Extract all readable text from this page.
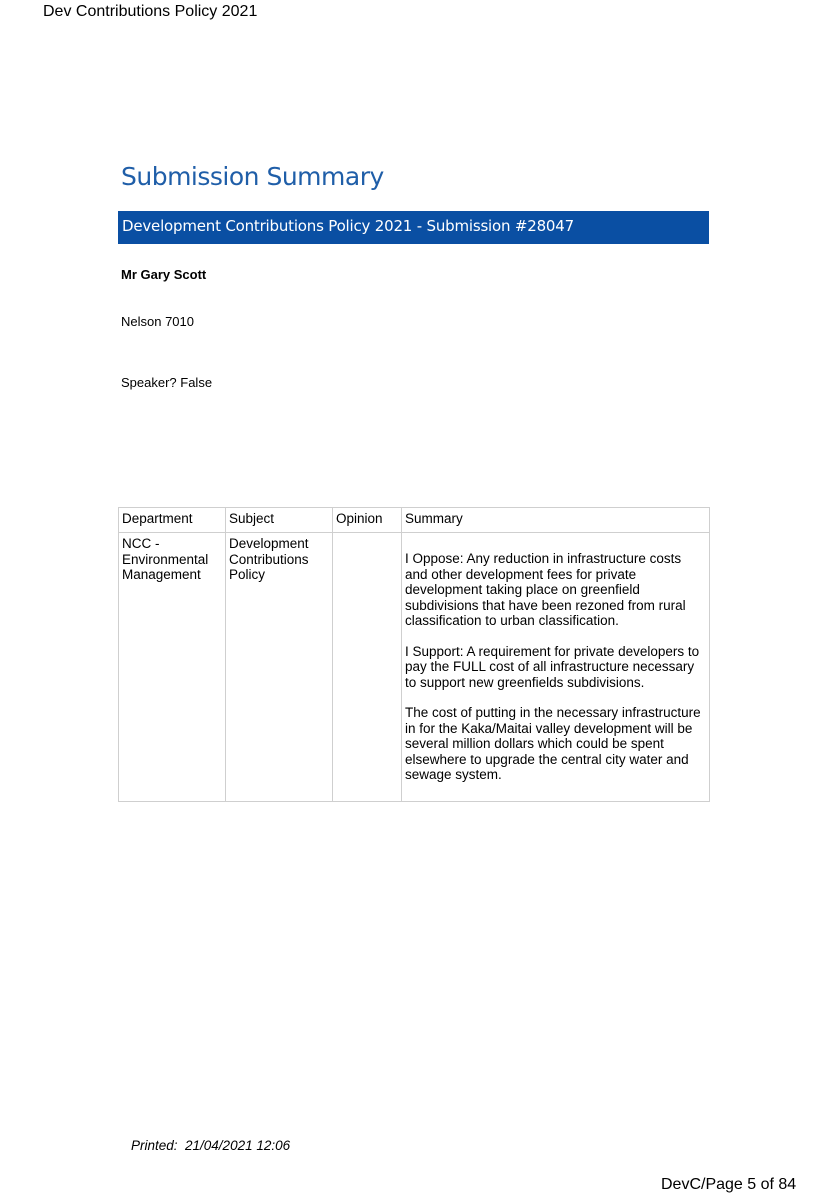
Dev Contributions Policy 2021
Submission Summary
Development Contributions Policy 2021 - Submission #28047
Mr Gary Scott
Nelson 7010
Speaker? False
Department	Subject	Opinion	Summary
NCC - Environmental Management	Development Contributions Policy		I Oppose: Any reduction in infrastructure costs and other development fees for private development taking place on greenfield subdivisions that have been rezoned from rural classification to urban classification.

I Support: A requirement for private developers to pay the FULL cost of all infrastructure necessary to support new greenfields subdivisions.

The cost of putting in the necessary infrastructure in for the Kaka/Maitai valley development will be several million dollars which could be spent elsewhere to upgrade the central city water and sewage system.

Printed:  21/04/2021 12:06
DevC/Page 5 of 84
